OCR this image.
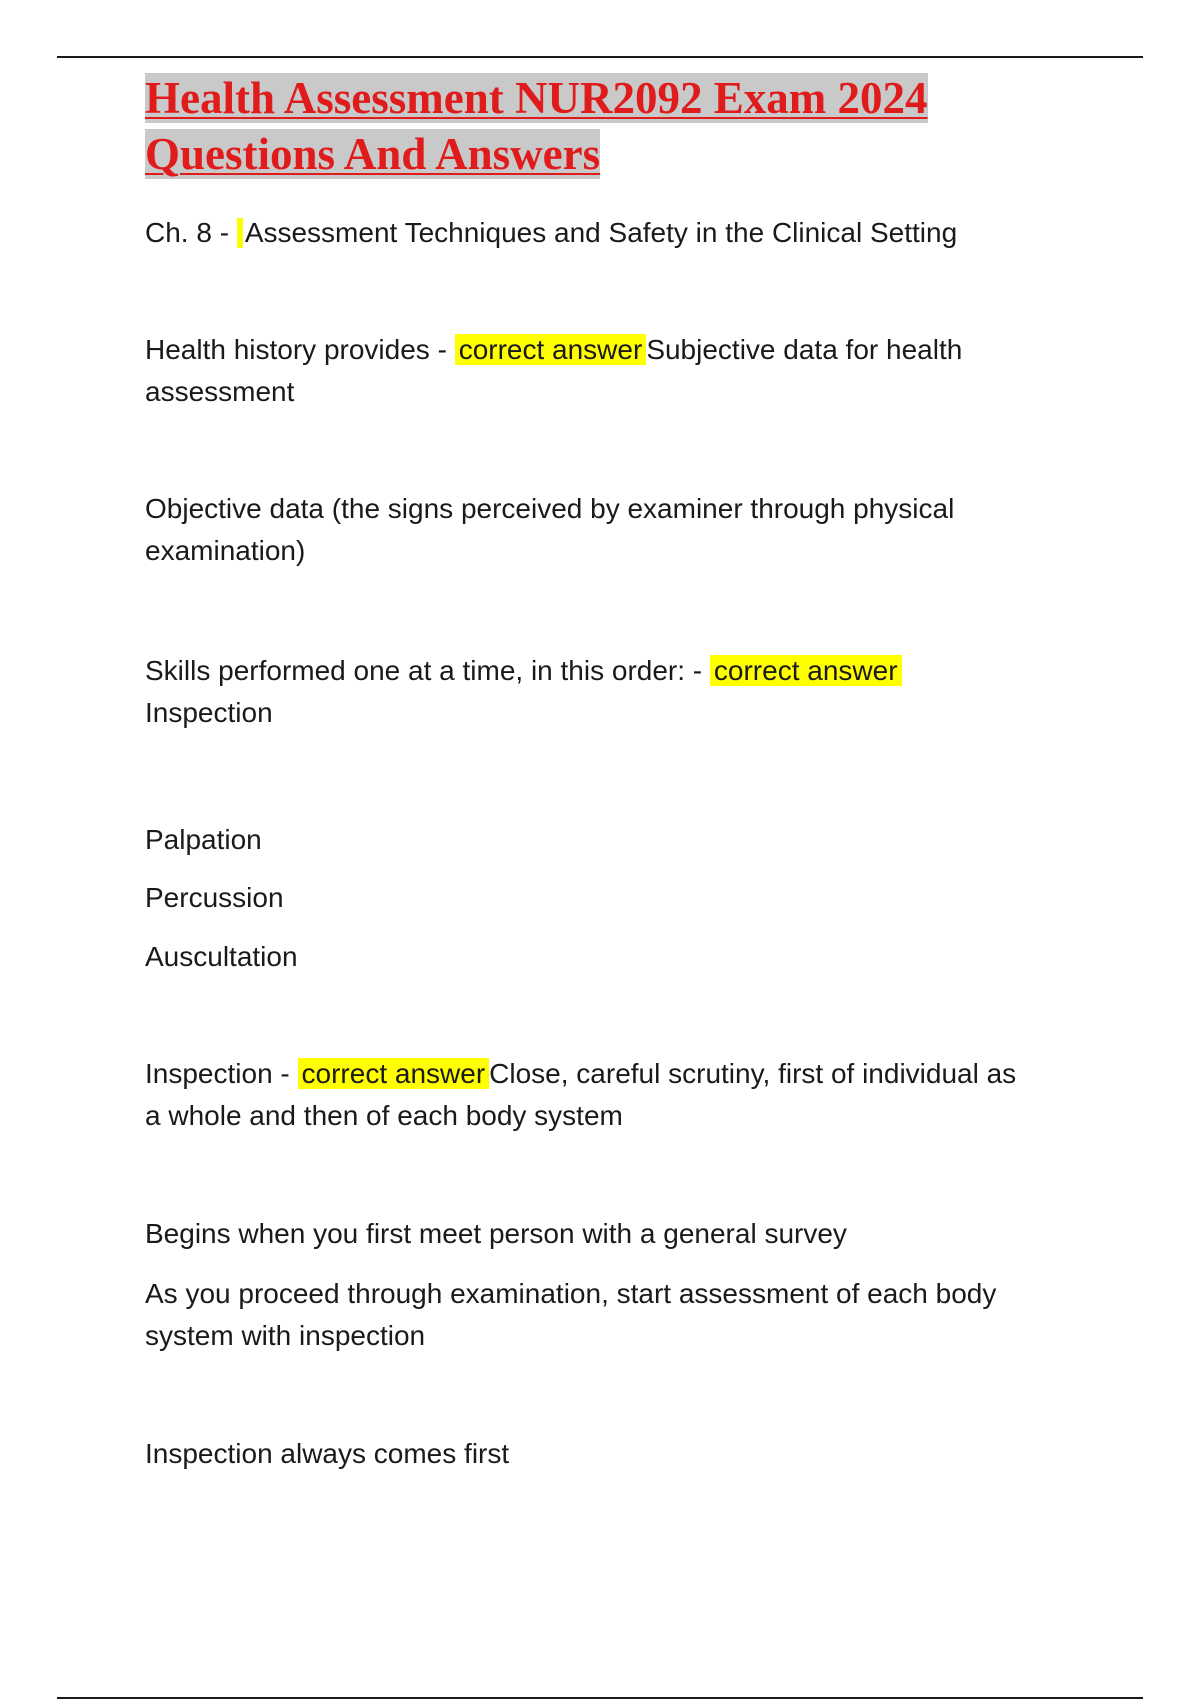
Health Assessment NUR2092 Exam 2024
Questions And Answers

Ch. 8 - Assessment Techniques and Safety in the Clinical Setting

Health history provides - correct answer Subjective data for health
assessment

Objective data (the signs perceived by examiner through physical
examination)

Skills performed one at a time, in this order: - correct answer
Inspection

Palpation

Percussion

Auscultation

Inspection - correct answer Close, careful scrutiny, first of individual as
a whole and then of each body system

Begins when you first meet person with a general survey

As you proceed through examination, start assessment of each body
system with inspection

Inspection always comes first
